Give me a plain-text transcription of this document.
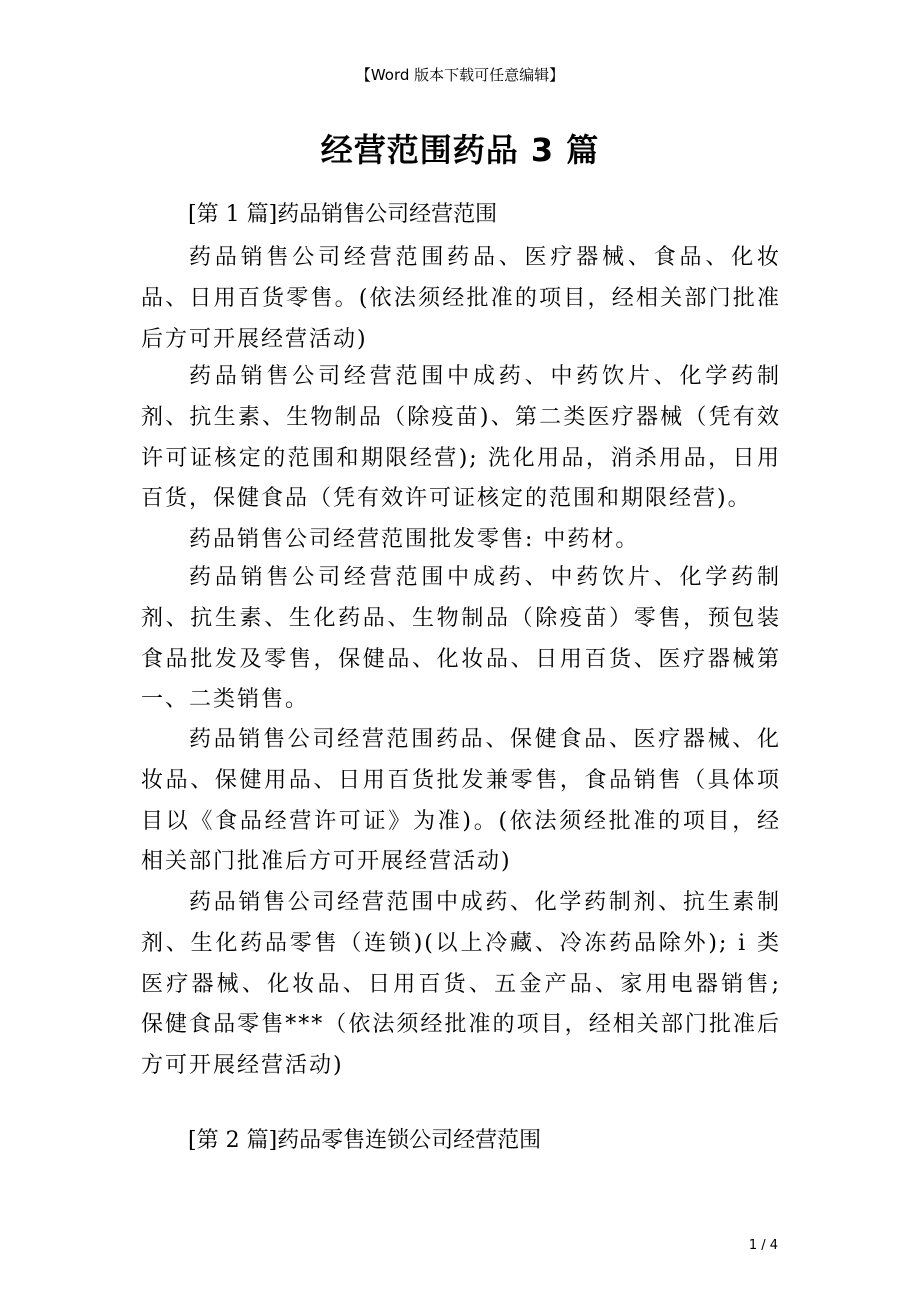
【Word 版本下载可任意编辑】
经营范围药品 3 篇
[第 1 篇]药品销售公司经营范围

药品销售公司经营范围药品、医疗器械、食品、化妆品、日用百货零售。(依法须经批准的项目，经相关部门批准后方可开展经营活动)

药品销售公司经营范围中成药、中药饮片、化学药制剂、抗生素、生物制品（除疫苗)、第二类医疗器械（凭有效许可证核定的范围和期限经营); 洗化用品，消杀用品，日用百货，保健食品（凭有效许可证核定的范围和期限经营)。

药品销售公司经营范围批发零售: 中药材。

药品销售公司经营范围中成药、中药饮片、化学药制剂、抗生素、生化药品、生物制品（除疫苗）零售，预包装食品批发及零售，保健品、化妆品、日用百货、医疗器械第一、二类销售。

药品销售公司经营范围药品、保健食品、医疗器械、化妆品、保健用品、日用百货批发兼零售，食品销售（具体项目以《食品经营许可证》为准)。(依法须经批准的项目，经相关部门批准后方可开展经营活动)

药品销售公司经营范围中成药、化学药制剂、抗生素制剂、生化药品零售（连锁)(以上冷藏、冷冻药品除外); i 类医疗器械、化妆品、日用百货、五金产品、家用电器销售; 保健食品零售***（依法须经批准的项目，经相关部门批准后方可开展经营活动)

[第 2 篇]药品零售连锁公司经营范围
1 / 4
